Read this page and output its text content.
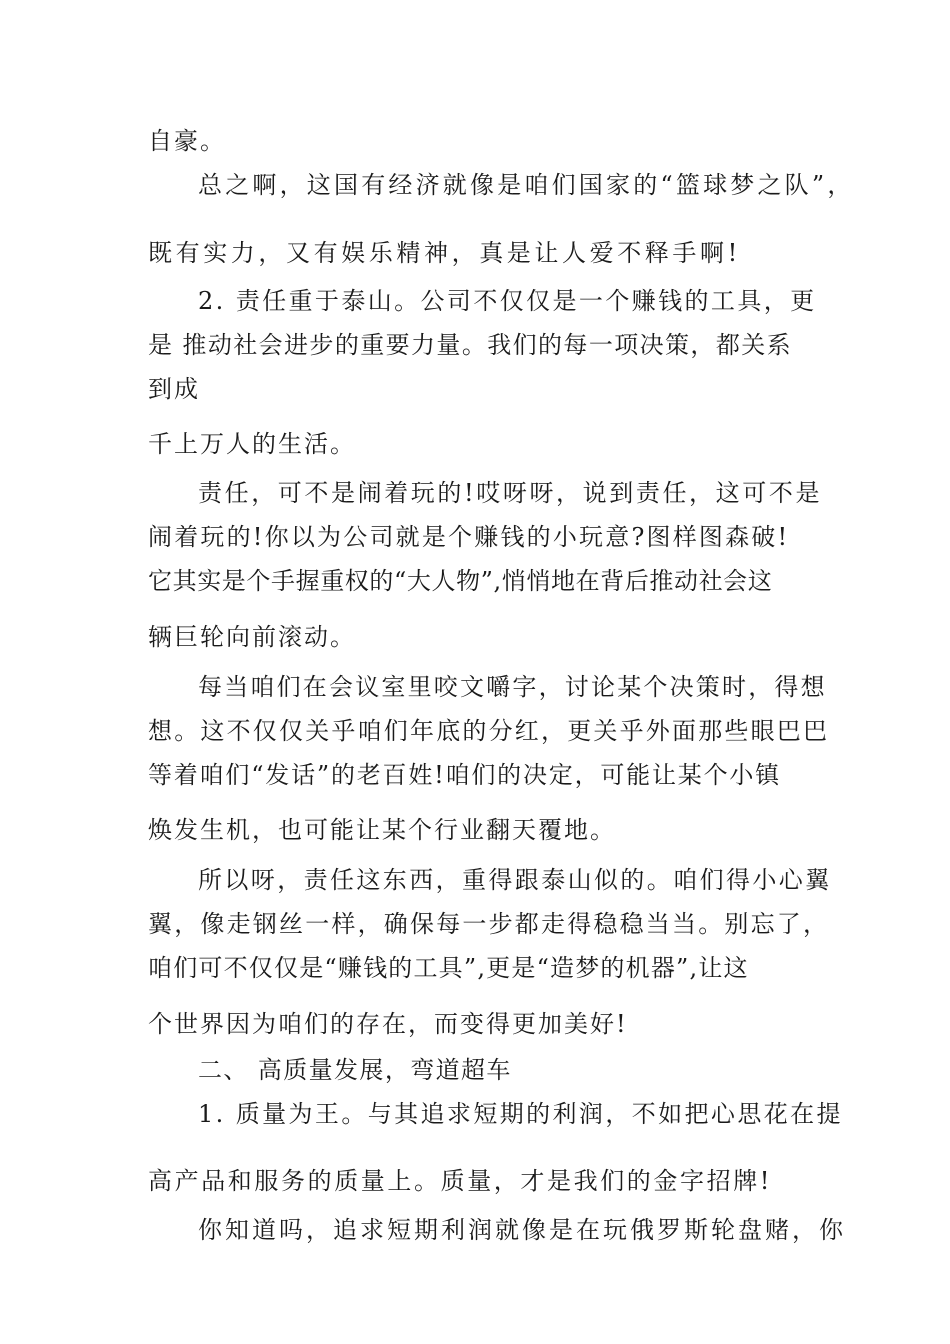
自豪。
总之啊，这国有经济就像是咱们国家的“篮球梦之队”，
既有实力，又有娱乐精神，真是让人爱不释手啊!
2. 责任重于泰山。公司不仅仅是一个赚钱的工具，更
是 推动社会进步的重要力量。我们的每一项决策，都关系
到成
千上万人的生活。
责任，可不是闹着玩的!哎呀呀，说到责任，这可不是
闹着玩的!你以为公司就是个赚钱的小玩意?图样图森破!
它其实是个手握重权的“大人物”,悄悄地在背后推动社会这
辆巨轮向前滚动。
每当咱们在会议室里咬文嚼字，讨论某个决策时，得想
想。这不仅仅关乎咱们年底的分红，更关乎外面那些眼巴巴
等着咱们“发话”的老百姓!咱们的决定，可能让某个小镇
焕发生机，也可能让某个行业翻天覆地。
所以呀，责任这东西，重得跟泰山似的。咱们得小心翼
翼，像走钢丝一样，确保每一步都走得稳稳当当。别忘了，
咱们可不仅仅是“赚钱的工具”,更是“造梦的机器”,让这
个世界因为咱们的存在，而变得更加美好!
二、 高质量发展，弯道超车
1. 质量为王。与其追求短期的利润，不如把心思花在提
高产品和服务的质量上。质量，才是我们的金字招牌!
你知道吗，追求短期利润就像是在玩俄罗斯轮盘赌，你
